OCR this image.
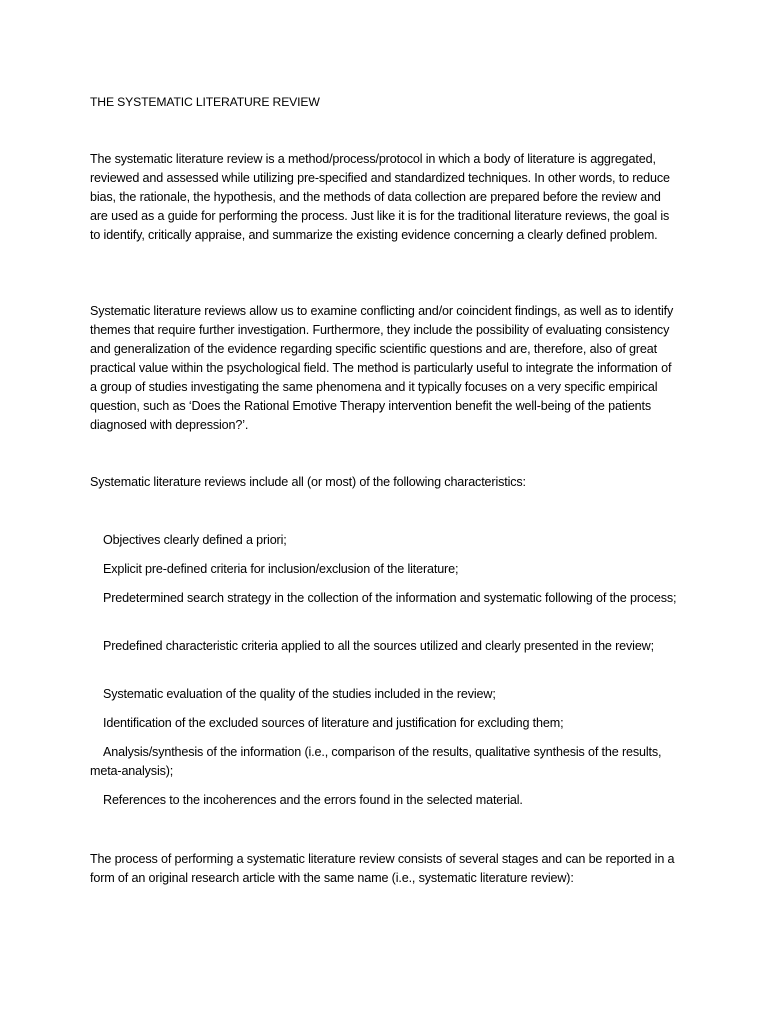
THE SYSTEMATIC LITERATURE REVIEW

The systematic literature review is a method/process/protocol in which a body of literature is aggregated, reviewed and assessed while utilizing pre-specified and standardized techniques. In other words, to reduce bias, the rationale, the hypothesis, and the methods of data collection are prepared before the review and are used as a guide for performing the process. Just like it is for the traditional literature reviews, the goal is to identify, critically appraise, and summarize the existing evidence concerning a clearly defined problem.

Systematic literature reviews allow us to examine conflicting and/or coincident findings, as well as to identify themes that require further investigation. Furthermore, they include the possibility of evaluating consistency and generalization of the evidence regarding specific scientific questions and are, therefore, also of great practical value within the psychological field. The method is particularly useful to integrate the information of a group of studies investigating the same phenomena and it typically focuses on a very specific empirical question, such as ‘Does the Rational Emotive Therapy intervention benefit the well-being of the patients diagnosed with depression?’.

Systematic literature reviews include all (or most) of the following characteristics:

Objectives clearly defined a priori;

Explicit pre-defined criteria for inclusion/exclusion of the literature;

Predetermined search strategy in the collection of the information and systematic following of the process;

Predefined characteristic criteria applied to all the sources utilized and clearly presented in the review;

Systematic evaluation of the quality of the studies included in the review;

Identification of the excluded sources of literature and justification for excluding them;

Analysis/synthesis of the information (i.e., comparison of the results, qualitative synthesis of the results, meta-analysis);

References to the incoherences and the errors found in the selected material.

The process of performing a systematic literature review consists of several stages and can be reported in a form of an original research article with the same name (i.e., systematic literature review):
